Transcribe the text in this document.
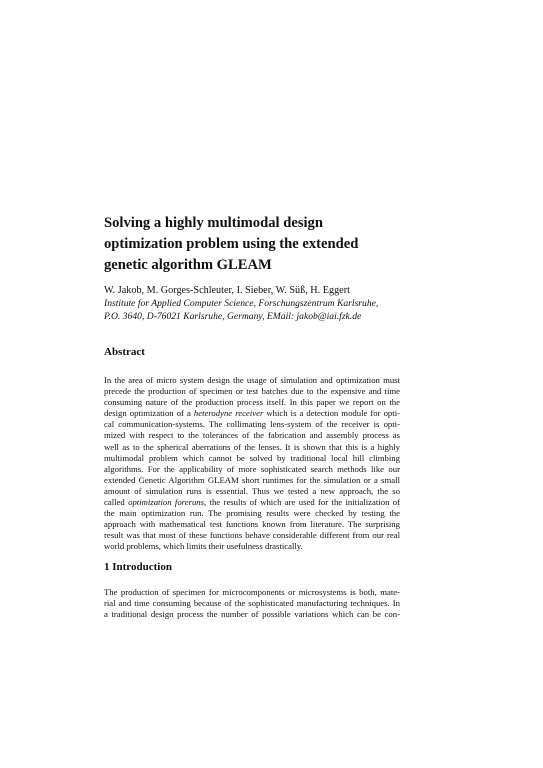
Solving a highly multimodal design
optimization problem using the extended
genetic algorithm GLEAM
W. Jakob, M. Gorges-Schleuter, I. Sieber, W. Süß, H. Eggert
Institute for Applied Computer Science, Forschungszentrum Karlsruhe,
P.O. 3640, D-76021 Karlsruhe, Germany, EMail: jakob@iai.fzk.de
Abstract
In the area of micro system design the usage of simulation and optimization must
precede the production of specimen or test batches due to the expensive and time
consuming nature of the production process itself. In this paper we report on the
design optimization of a heterodyne receiver which is a detection module for opti-
cal communication-systems. The collimating lens-system of the receiver is opti-
mized with respect to the tolerances of the fabrication and assembly process as
well as to the spherical aberrations of the lenses. It is shown that this is a highly
multimodal problem which cannot be solved by traditional local hill climbing
algorithms. For the applicability of more sophisticated search methods like our
extended Genetic Algorithm GLEAM short runtimes for the simulation or a small
amount of simulation runs is essential. Thus we tested a new approach, the so
called optimization foreruns, the results of which are used for the initialization of
the main optimization run. The promising results were checked by testing the
approach with mathematical test functions known from literature. The surprising
result was that most of these functions behave considerable different from our real
world problems, which limits their usefulness drastically.
1 Introduction
The production of specimen for microcomponents or microsystems is both, mate-
rial and time consuming because of the sophisticated manufacturing techniques. In
a traditional design process the number of possible variations which can be con-
